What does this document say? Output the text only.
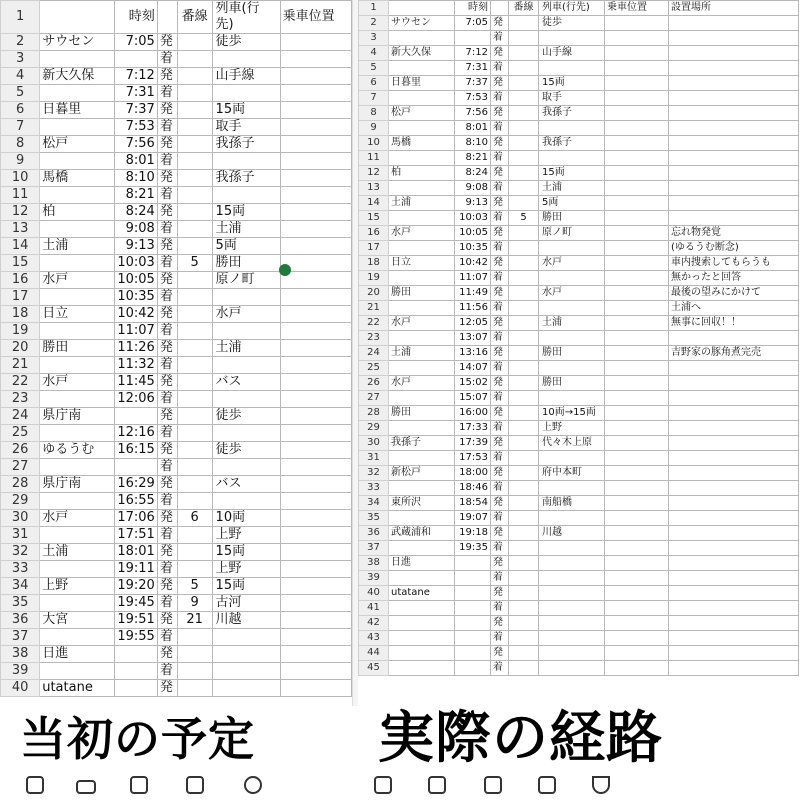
1		時刻		番線	列車(行先)	乗車位置
2	サウセン	7:05	発		徒歩	
3			着			
4	新大久保	7:12	発		山手線	
5		7:31	着			
6	日暮里	7:37	発		15両	
7		7:53	着		取手	
8	松戸	7:56	発		我孫子	
9		8:01	着			
10	馬橋	8:10	発		我孫子	
11		8:21	着			
12	柏	8:24	発		15両	
13		9:08	着		土浦	
14	土浦	9:13	発		5両	
15		10:03	着	5	勝田	
16	水戸	10:05	発		原ノ町	
17		10:35	着			
18	日立	10:42	発		水戸	
19		11:07	着			
20	勝田	11:26	発		土浦	
21		11:32	着			
22	水戸	11:45	発		バス	
23		12:06	着			
24	県庁南		発		徒歩	
25		12:16	着			
26	ゆるうむ	16:15	発		徒歩	
27			着			
28	県庁南	16:29	発		バス	
29		16:55	着			
30	水戸	17:06	発	6	10両	
31		17:51	着		上野	
32	土浦	18:01	発		15両	
33		19:11	着		上野	
34	上野	19:20	発	5	15両	
35		19:45	着	9	古河	
36	大宮	19:51	発	21	川越	
37		19:55	着			
38	日進		発			
39			着			
40	utatane		発			
1		時刻		番線	列車(行先)	乗車位置	設置場所
2	サウセン	7:05	発		徒歩		
3			着				
4	新大久保	7:12	発		山手線		
5		7:31	着				
6	日暮里	7:37	発		15両		
7		7:53	着		取手		
8	松戸	7:56	発		我孫子		
9		8:01	着				
10	馬橋	8:10	発		我孫子		
11		8:21	着				
12	柏	8:24	発		15両		
13		9:08	着		土浦		
14	土浦	9:13	発		5両		
15		10:03	着	5	勝田		
16	水戸	10:05	発		原ノ町		忘れ物発覚
17		10:35	着				(ゆるうむ断念)
18	日立	10:42	発		水戸		車内捜索してもらうも
19		11:07	着				無かったと回答
20	勝田	11:49	発		水戸		最後の望みにかけて
21		11:56	着				土浦へ
22	水戸	12:05	発		土浦		無事に回収！！
23		13:07	着				
24	土浦	13:16	発		勝田		吉野家の豚角煮完売
25		14:07	着				
26	水戸	15:02	発		勝田		
27		15:07	着				
28	勝田	16:00	発		10両→15両		
29		17:33	着		上野		
30	我孫子	17:39	発		代々木上原		
31		17:53	着				
32	新松戸	18:00	発		府中本町		
33		18:46	着				
34	東所沢	18:54	発		南船橋		
35		19:07	着				
36	武蔵浦和	19:18	発		川越		
37		19:35	着				
38	日進		発				
39			着				
40	utatane		発				
41			着				
42			発				
43			着				
44			発				
45			着				
当初の予定 実際の経路
